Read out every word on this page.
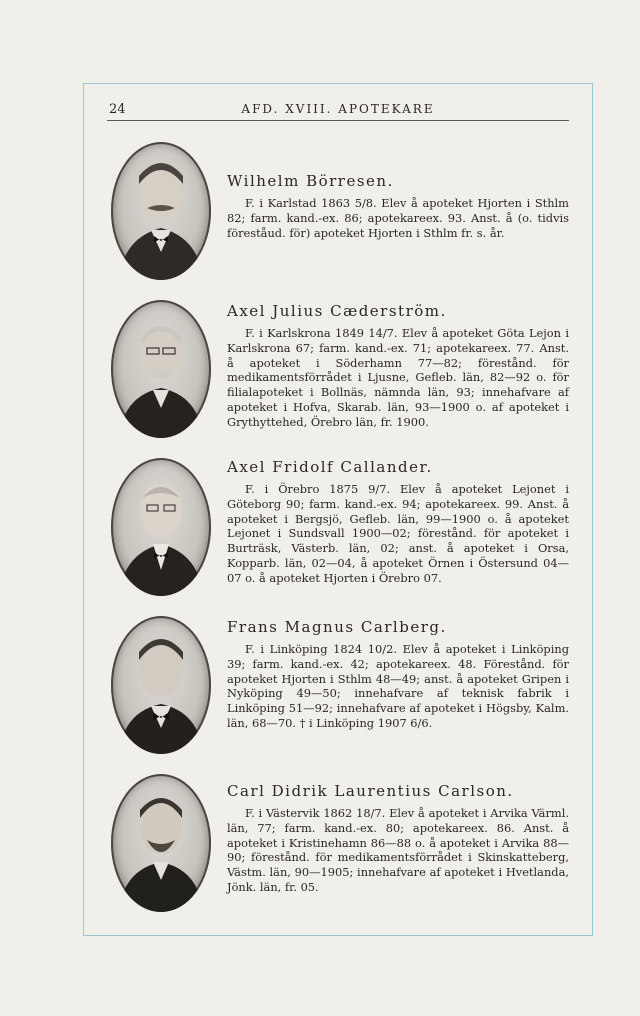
24	AFD. XVIII. APOTEKARE
Wilhelm Börresen.

F. i Karlstad 1863 5/8. Elev å apoteket Hjorten i Sthlm 82; farm. kand.-ex. 86; apotekareex. 93. Anst. å (o. tidvis föreståud. för) apoteket Hjorten i Sthlm fr. s. år.

Axel Julius Cæderström.

F. i Karlskrona 1849 14/7. Elev å apoteket Göta Lejon i Karlskrona 67; farm. kand.-ex. 71; apotekareex. 77. Anst. å apoteket i Söderhamn 77—82; förestånd. för medikamentsförrådet i Ljusne, Gefleb. län, 82—92 o. för filialapoteket i Bollnäs, nämnda län, 93; innehafvare af apoteket i Hofva, Skarab. län, 93—1900 o. af apoteket i Grythyttehed, Örebro län, fr. 1900.

Axel Fridolf Callander.

F. i Örebro 1875 9/7. Elev å apoteket Lejonet i Göteborg 90; farm. kand.-ex. 94; apotekareex. 99. Anst. å apoteket i Bergsjö, Gefleb. län, 99—1900 o. å apoteket Lejonet i Sundsvall 1900—02; förestånd. för apoteket i Burträsk, Västerb. län, 02; anst. å apoteket i Orsa, Kopparb. län, 02—04, å apoteket Örnen i Östersund 04—07 o. å apoteket Hjorten i Örebro 07.

Frans Magnus Carlberg.

F. i Linköping 1824 10/2. Elev å apoteket i Linköping 39; farm. kand.-ex. 42; apotekareex. 48. Förestånd. för apoteket Hjorten i Sthlm 48—49; anst. å apoteket Gripen i Nyköping 49—50; innehafvare af teknisk fabrik i Linköping 51—92; innehafvare af apoteket i Högsby, Kalm. län, 68—70. † i Linköping 1907 6/6.

Carl Didrik Laurentius Carlson.

F. i Västervik 1862 18/7. Elev å apoteket i Arvika Värml. län, 77; farm. kand.-ex. 80; apotekareex. 86. Anst. å apoteket i Kristinehamn 86—88 o. å apoteket i Arvika 88—90; förestånd. för medikamentsförrådet i Skinskatteberg, Västm. län, 90—1905; innehafvare af apoteket i Hvetlanda, Jönk. län, fr. 05.
